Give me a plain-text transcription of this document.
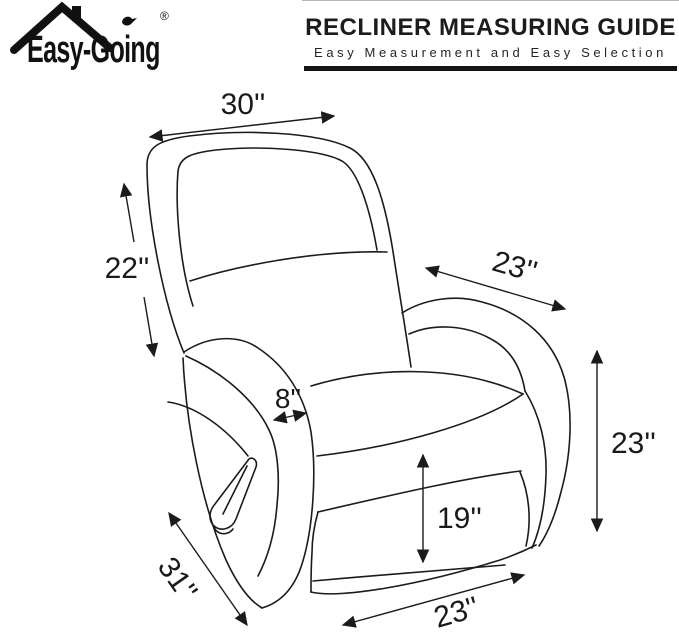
Easy-Going
®	RECLINER MEASURING GUIDE
Easy Measurement and Easy Selection
30''
22''	23''
8''
23''
19''
31''
23''
